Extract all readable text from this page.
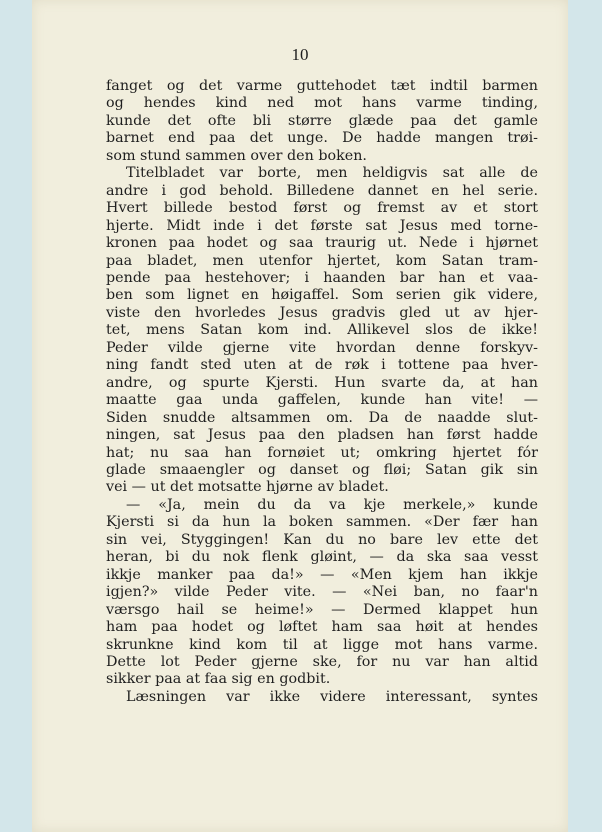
10
fanget og det varme guttehodet tæt indtil barmen
og hendes kind ned mot hans varme tinding,
kunde det ofte bli større glæde paa det gamle
barnet end paa det unge. De hadde mangen trøi-
som stund sammen over den boken.
Titelbladet var borte, men heldigvis sat alle de
andre i god behold. Billedene dannet en hel serie.
Hvert billede bestod først og fremst av et stort
hjerte. Midt inde i det første sat Jesus med torne-
kronen paa hodet og saa traurig ut. Nede i hjørnet
paa bladet, men utenfor hjertet, kom Satan tram-
pende paa hestehover; i haanden bar han et vaa-
ben som lignet en høigaffel. Som serien gik videre,
viste den hvorledes Jesus gradvis gled ut av hjer-
tet, mens Satan kom ind. Allikevel slos de ikke!
Peder vilde gjerne vite hvordan denne forskyv-
ning fandt sted uten at de røk i tottene paa hver-
andre, og spurte Kjersti. Hun svarte da, at han
maatte gaa unda gaffelen, kunde han vite! —
Siden snudde altsammen om. Da de naadde slut-
ningen, sat Jesus paa den pladsen han først hadde
hat; nu saa han fornøiet ut; omkring hjertet fór
glade smaaengler og danset og fløi; Satan gik sin
vei — ut det motsatte hjørne av bladet.
— «Ja, mein du da va kje merkele,» kunde
Kjersti si da hun la boken sammen. «Der fær han
sin vei, Styggingen! Kan du no bare lev ette det
heran, bi du nok flenk gløint, — da ska saa vesst
ikkje manker paa da!» — «Men kjem han ikkje
igjen?» vilde Peder vite. — «Nei ban, no faar'n
værsgo hail se heime!» — Dermed klappet hun
ham paa hodet og løftet ham saa høit at hendes
skrunkne kind kom til at ligge mot hans varme.
Dette lot Peder gjerne ske, for nu var han altid
sikker paa at faa sig en godbit.
Læsningen var ikke videre interessant, syntes
